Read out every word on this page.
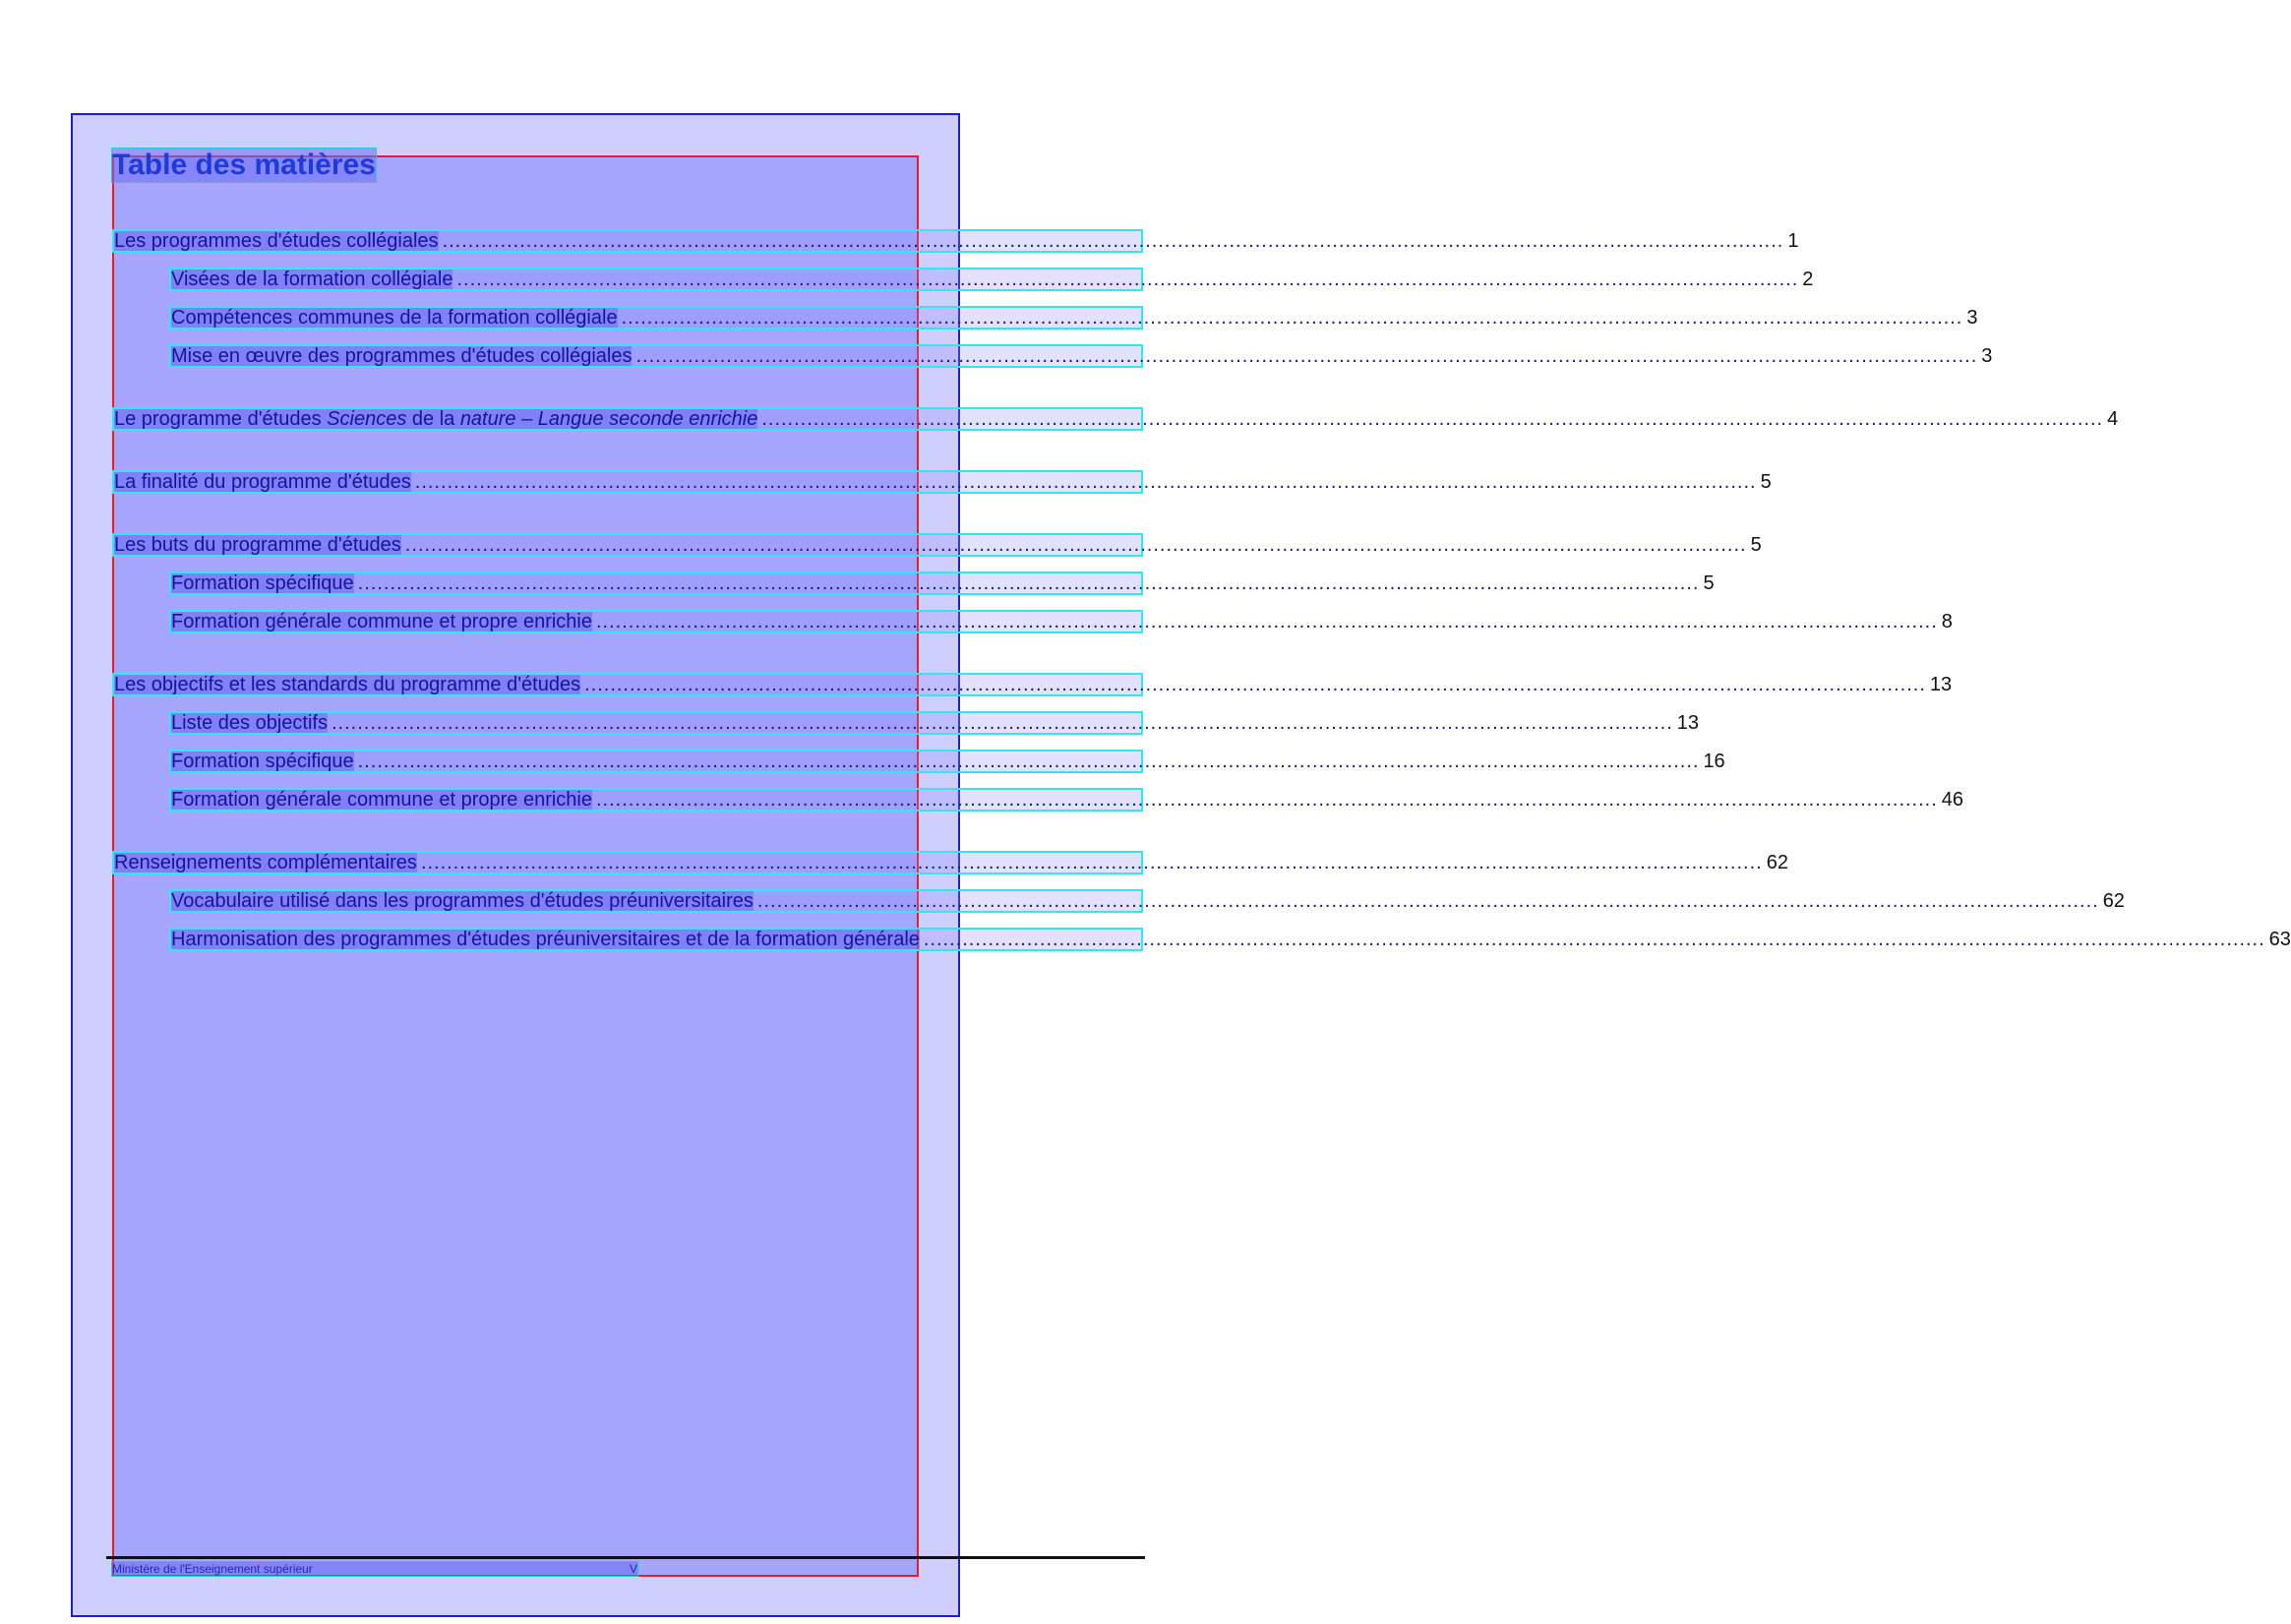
Table des matières
Les programmes d'études collégiales ................................................................................................................................................................................................................ 1
Visées de la formation collégiale ................................................................................................................................................................................................................ 2
Compétences communes de la formation collégiale ................................................................................................................................................................................................................ 3
Mise en œuvre des programmes d'études collégiales ................................................................................................................................................................................................................ 3
Le programme d'études Sciences de la nature – Langue seconde enrichie ................................................................................................................................................................................................................ 4
La finalité du programme d'études ................................................................................................................................................................................................................ 5
Les buts du programme d'études ................................................................................................................................................................................................................ 5
Formation spécifique ................................................................................................................................................................................................................ 5
Formation générale commune et propre enrichie ................................................................................................................................................................................................................ 8
Les objectifs et les standards du programme d'études ................................................................................................................................................................................................................ 13
Liste des objectifs ................................................................................................................................................................................................................ 13
Formation spécifique ................................................................................................................................................................................................................ 16
Formation générale commune et propre enrichie ................................................................................................................................................................................................................ 46
Renseignements complémentaires ................................................................................................................................................................................................................ 62
Vocabulaire utilisé dans les programmes d'études préuniversitaires ................................................................................................................................................................................................................ 62
Harmonisation des programmes d'études préuniversitaires et de la formation générale ................................................................................................................................................................................................................ 63
Ministère de l'Enseignement supérieur	V
